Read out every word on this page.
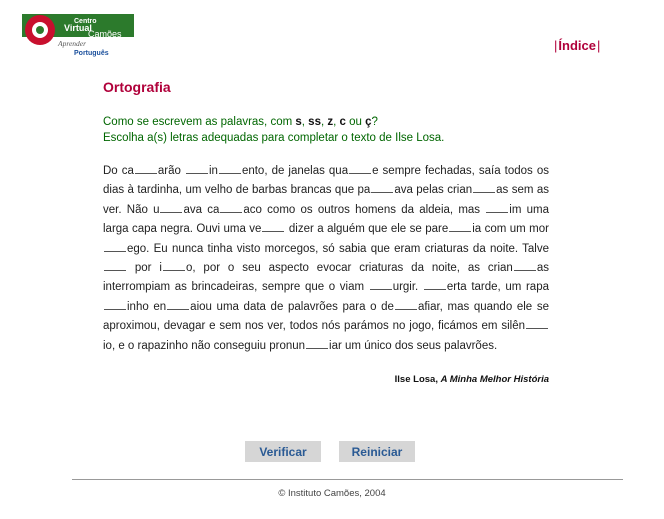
Centro
Virtual
Camões
Aprender
Português
|Índice|
Ortografia
Como se escrevem as palavras, com s, ss, z, c ou ç?
Escolha a(s) letras adequadas para completar o texto de Ilse Losa.
Do ca arão in ento, de janelas qua e sempre fechadas, saía todos os dias à tardinha, um velho de barbas brancas que pa ava pelas crian as sem as ver. Não u ava ca aco como os outros homens da aldeia, mas im uma larga capa negra. Ouvi uma ve dizer a alguém que ele se pare ia com um morego. Eu nunca tinha visto morcegos, só sabia que eram criaturas da noite. Talve por i o, por o seu aspecto evocar criaturas da noite, as crian as interrompiam as brincadeiras, sempre que o viam urgir. erta tarde, um rapainho en aiou uma data de palavrões para o de afiar, mas quando ele se aproximou, devagar e sem nos ver, todos nós parámos no jogo, ficámos em silênio, e o rapazinho não conseguiu pronun iar um único dos seus palavrões.
Ilse Losa, A Minha Melhor História
Verificar	Reiniciar
© Instituto Camões, 2004
